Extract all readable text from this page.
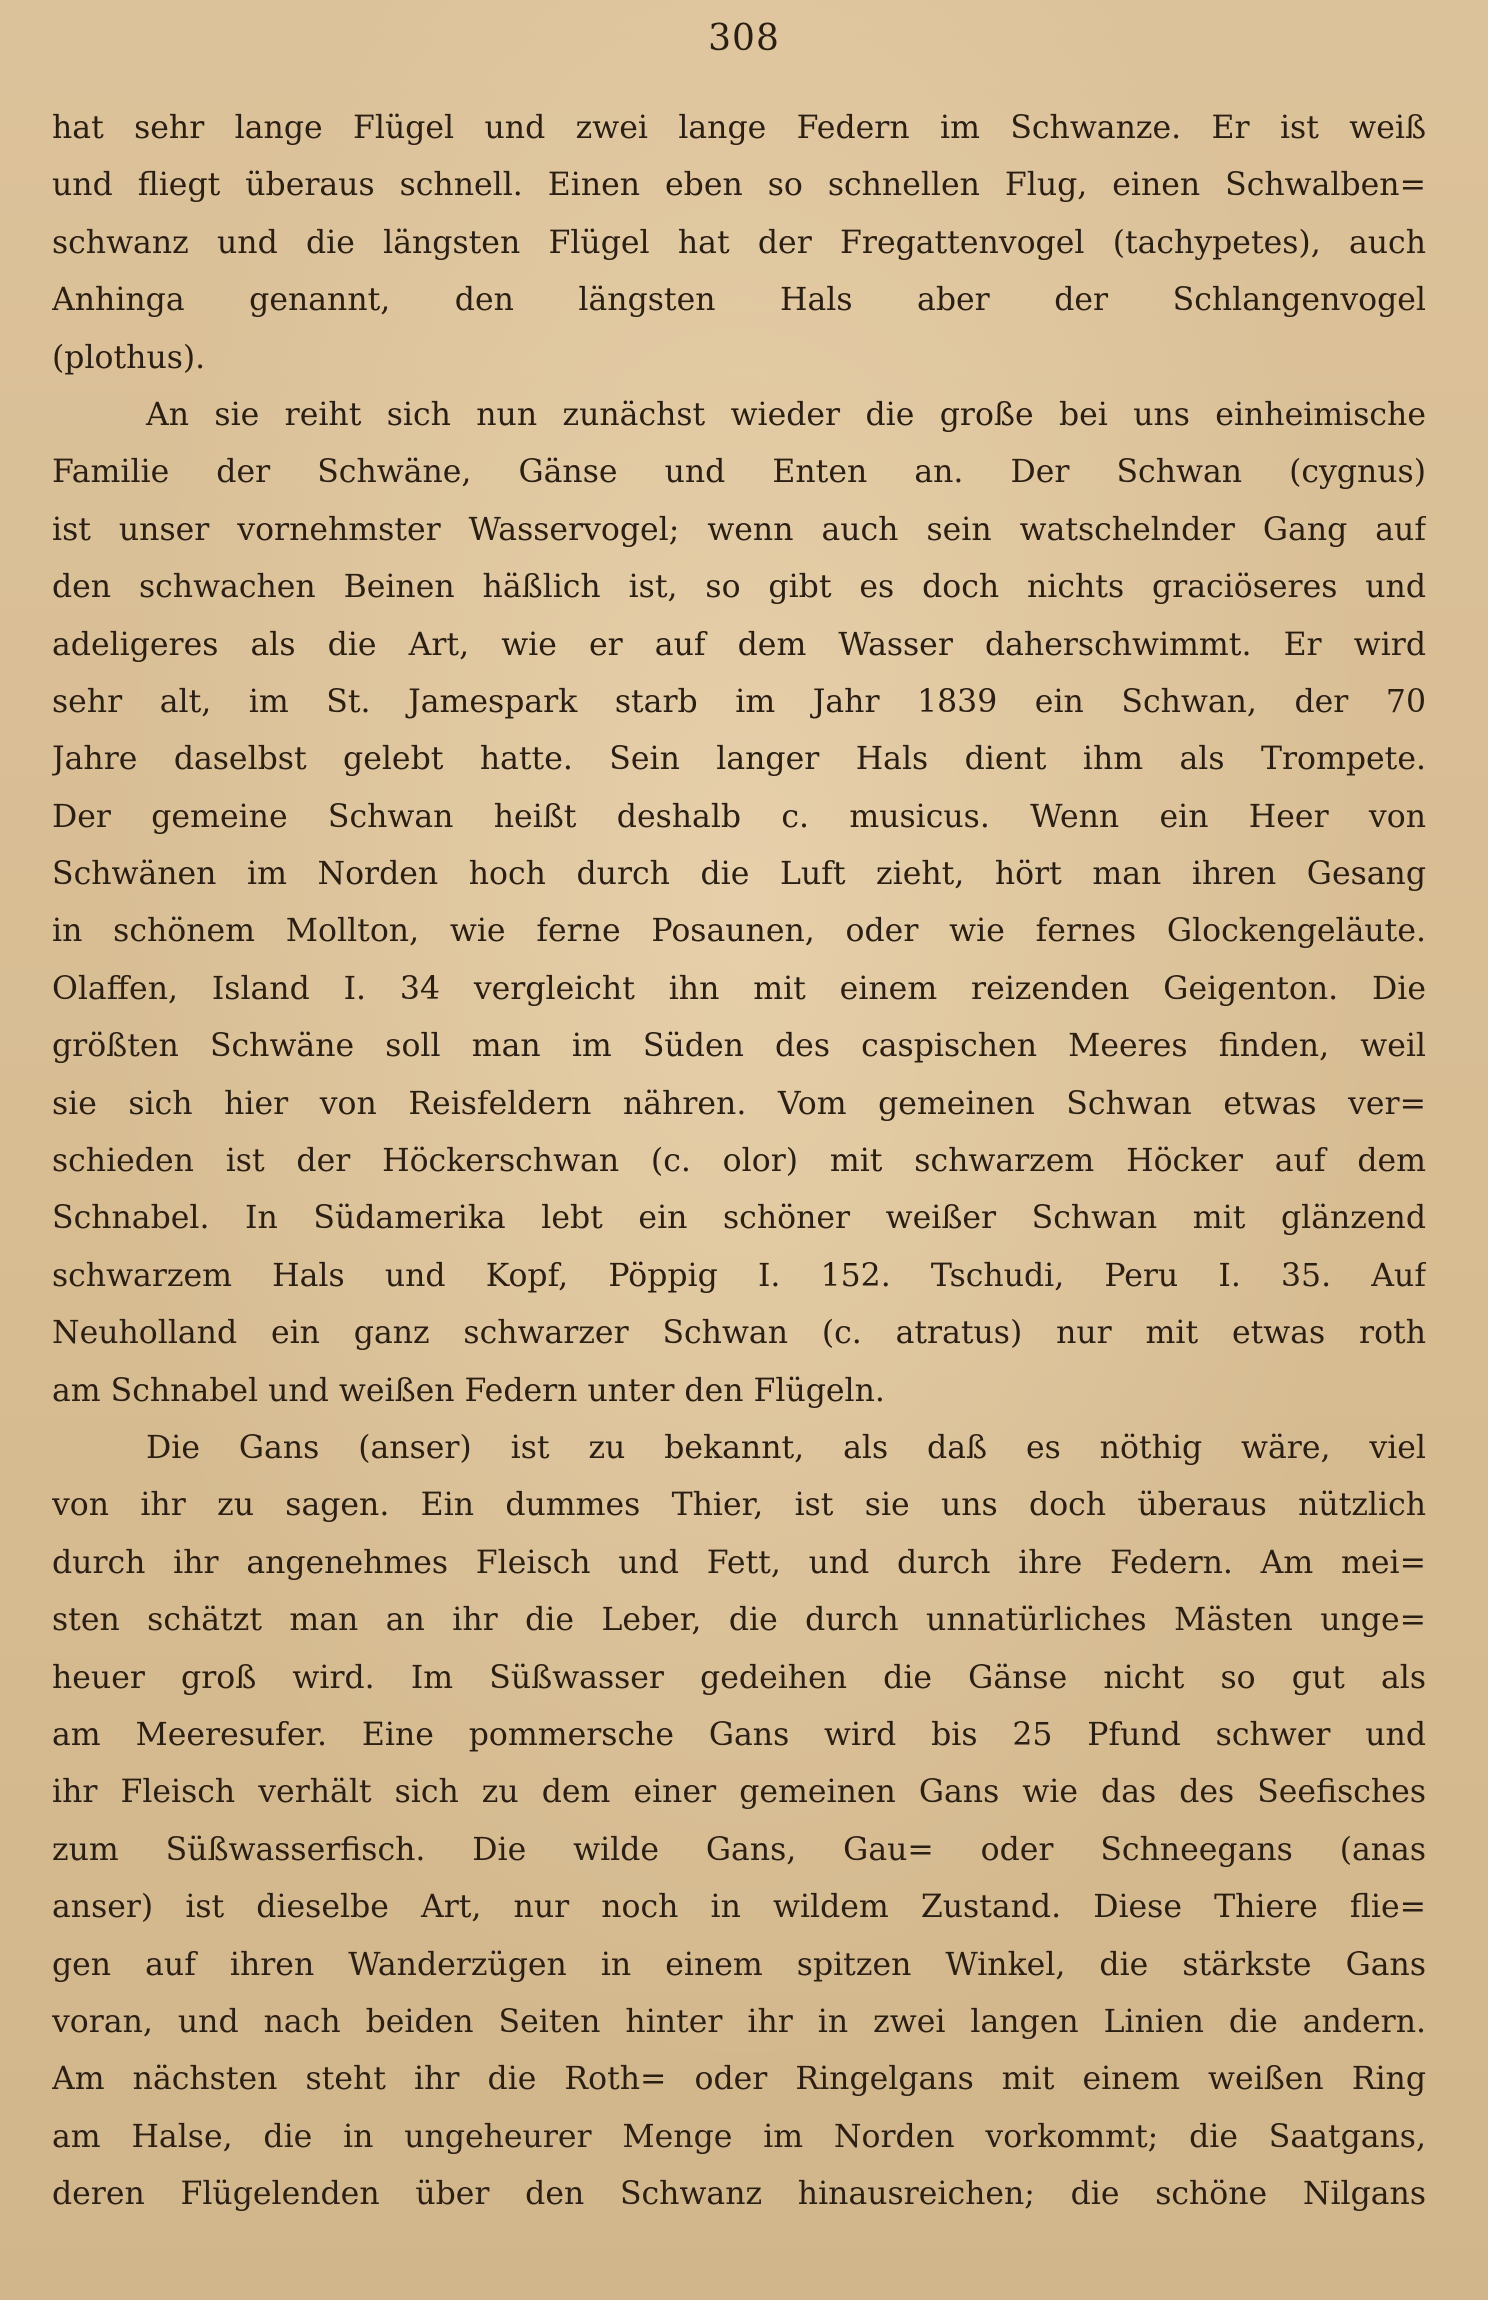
308
hat sehr lange Flügel und zwei lange Federn im Schwanze. Er ist weiß
und fliegt überaus schnell. Einen eben so schnellen Flug, einen Schwalben=
schwanz und die längsten Flügel hat der Fregattenvogel (tachypetes), auch
Anhinga genannt, den längsten Hals aber der Schlangenvogel
(plothus).
An sie reiht sich nun zunächst wieder die große bei uns einheimische
Familie der Schwäne, Gänse und Enten an. Der Schwan (cygnus)
ist unser vornehmster Wasservogel; wenn auch sein watschelnder Gang auf
den schwachen Beinen häßlich ist, so gibt es doch nichts graciöseres und
adeligeres als die Art, wie er auf dem Wasser daherschwimmt. Er wird
sehr alt, im St. Jamespark starb im Jahr 1839 ein Schwan, der 70
Jahre daselbst gelebt hatte. Sein langer Hals dient ihm als Trompete.
Der gemeine Schwan heißt deshalb c. musicus. Wenn ein Heer von
Schwänen im Norden hoch durch die Luft zieht, hört man ihren Gesang
in schönem Mollton, wie ferne Posaunen, oder wie fernes Glockengeläute.
Olaffen, Island I. 34 vergleicht ihn mit einem reizenden Geigenton. Die
größten Schwäne soll man im Süden des caspischen Meeres finden, weil
sie sich hier von Reisfeldern nähren. Vom gemeinen Schwan etwas ver=
schieden ist der Höckerschwan (c. olor) mit schwarzem Höcker auf dem
Schnabel. In Südamerika lebt ein schöner weißer Schwan mit glänzend
schwarzem Hals und Kopf, Pöppig I. 152. Tschudi, Peru I. 35. Auf
Neuholland ein ganz schwarzer Schwan (c. atratus) nur mit etwas roth
am Schnabel und weißen Federn unter den Flügeln.
Die Gans (anser) ist zu bekannt, als daß es nöthig wäre, viel
von ihr zu sagen. Ein dummes Thier, ist sie uns doch überaus nützlich
durch ihr angenehmes Fleisch und Fett, und durch ihre Federn. Am mei=
sten schätzt man an ihr die Leber, die durch unnatürliches Mästen unge=
heuer groß wird. Im Süßwasser gedeihen die Gänse nicht so gut als
am Meeresufer. Eine pommersche Gans wird bis 25 Pfund schwer und
ihr Fleisch verhält sich zu dem einer gemeinen Gans wie das des Seefisches
zum Süßwasserfisch. Die wilde Gans, Gau= oder Schneegans (anas
anser) ist dieselbe Art, nur noch in wildem Zustand. Diese Thiere flie=
gen auf ihren Wanderzügen in einem spitzen Winkel, die stärkste Gans
voran, und nach beiden Seiten hinter ihr in zwei langen Linien die andern.
Am nächsten steht ihr die Roth= oder Ringelgans mit einem weißen Ring
am Halse, die in ungeheurer Menge im Norden vorkommt; die Saatgans,
deren Flügelenden über den Schwanz hinausreichen; die schöne Nilgans
